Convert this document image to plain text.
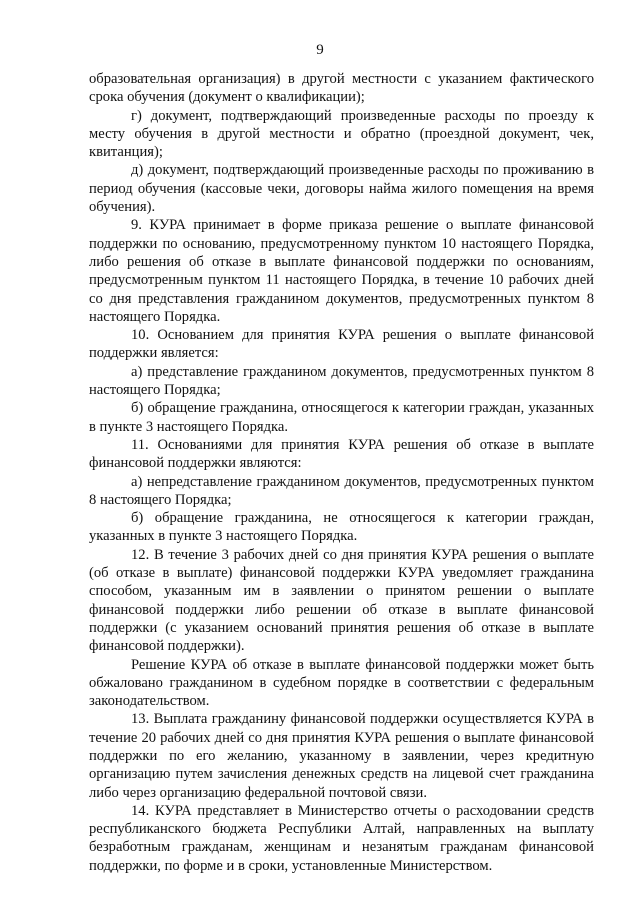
9

образовательная организация) в другой местности с указанием фактического срока обучения (документ о квалификации);

г) документ, подтверждающий произведенные расходы по проезду к месту обучения в другой местности и обратно (проездной документ, чек, квитанция);

д) документ, подтверждающий произведенные расходы по проживанию в период обучения (кассовые чеки, договоры найма жилого помещения на время обучения).

9. КУРА принимает в форме приказа решение о выплате финансовой поддержки по основанию, предусмотренному пунктом 10 настоящего Порядка, либо решения об отказе в выплате финансовой поддержки по основаниям, предусмотренным пунктом 11 настоящего Порядка, в течение 10 рабочих дней со дня представления гражданином документов, предусмотренных пунктом 8 настоящего Порядка.

10. Основанием для принятия КУРА решения о выплате финансовой поддержки является:

а) представление гражданином документов, предусмотренных пунктом 8 настоящего Порядка;

б) обращение гражданина, относящегося к категории граждан, указанных в пункте 3 настоящего Порядка.

11. Основаниями для принятия КУРА решения об отказе в выплате финансовой поддержки являются:

а) непредставление гражданином документов, предусмотренных пунктом 8 настоящего Порядка;

б) обращение гражданина, не относящегося к категории граждан, указанных в пункте 3 настоящего Порядка.

12. В течение 3 рабочих дней со дня принятия КУРА решения о выплате (об отказе в выплате) финансовой поддержки КУРА уведомляет гражданина способом, указанным им в заявлении о принятом решении о выплате финансовой поддержки либо решении об отказе в выплате финансовой поддержки (с указанием оснований принятия решения об отказе в выплате финансовой поддержки).

Решение КУРА об отказе в выплате финансовой поддержки может быть обжаловано гражданином в судебном порядке в соответствии с федеральным законодательством.

13. Выплата гражданину финансовой поддержки осуществляется КУРА в течение 20 рабочих дней со дня принятия КУРА решения о выплате финансовой поддержки по его желанию, указанному в заявлении, через кредитную организацию путем зачисления денежных средств на лицевой счет гражданина либо через организацию федеральной почтовой связи.

14. КУРА представляет в Министерство отчеты о расходовании средств республиканского бюджета Республики Алтай, направленных на выплату безработным гражданам, женщинам и незанятым гражданам финансовой поддержки, по форме и в сроки, установленные Министерством.
